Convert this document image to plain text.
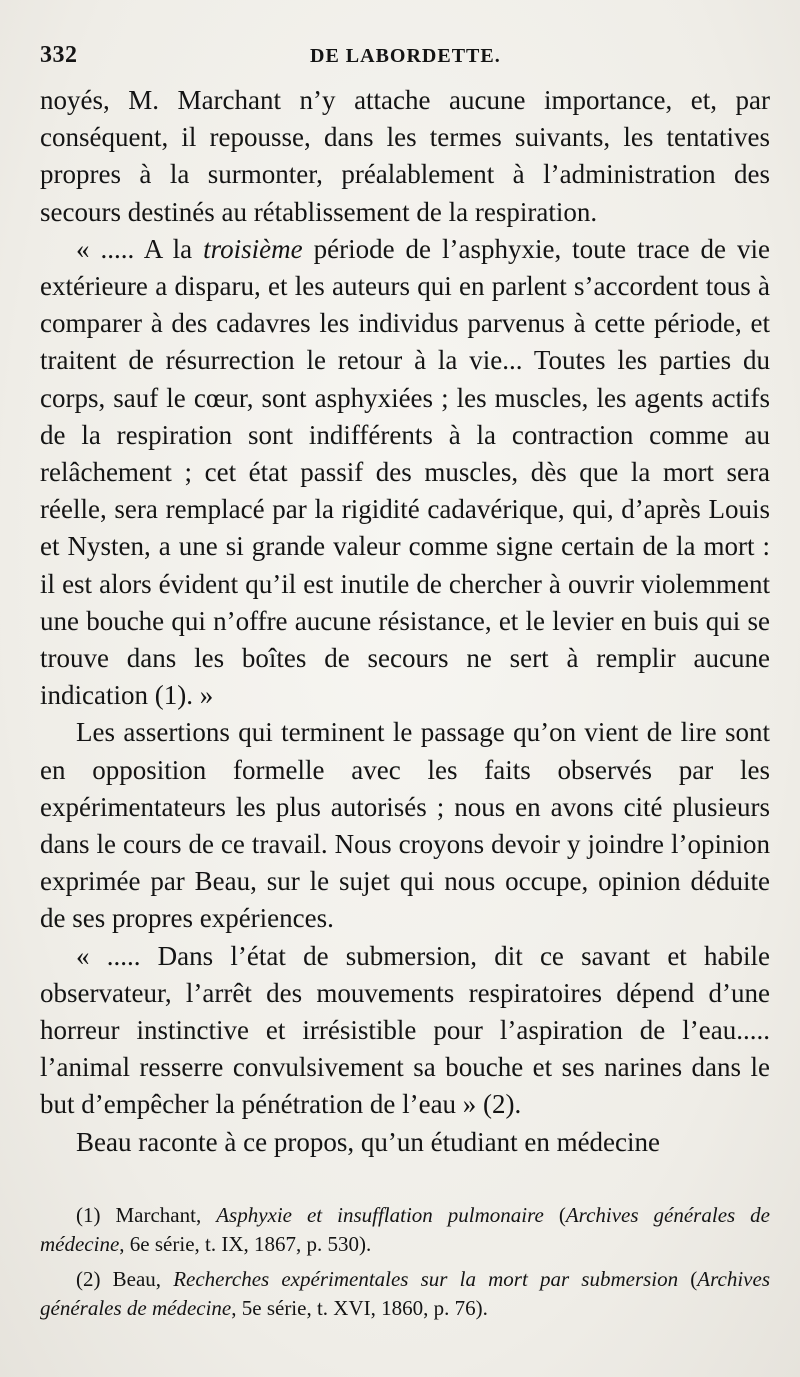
332	DE LABORDETTE.

noyés, M. Marchant n’y attache aucune importance, et, par conséquent, il repousse, dans les termes suivants, les tentatives propres à la surmonter, préalablement à l’administration des secours destinés au rétablissement de la respiration.

« ..... A la troisième période de l’asphyxie, toute trace de vie extérieure a disparu, et les auteurs qui en parlent s’accordent tous à comparer à des cadavres les individus parvenus à cette période, et traitent de résurrection le retour à la vie... Toutes les parties du corps, sauf le cœur, sont asphyxiées ; les muscles, les agents actifs de la respiration sont indifférents à la contraction comme au relâchement ; cet état passif des muscles, dès que la mort sera réelle, sera remplacé par la rigidité cadavérique, qui, d’après Louis et Nysten, a une si grande valeur comme signe certain de la mort : il est alors évident qu’il est inutile de chercher à ouvrir violemment une bouche qui n’offre aucune résistance, et le levier en buis qui se trouve dans les boîtes de secours ne sert à remplir aucune indication (1). »

Les assertions qui terminent le passage qu’on vient de lire sont en opposition formelle avec les faits observés par les expérimentateurs les plus autorisés ; nous en avons cité plusieurs dans le cours de ce travail. Nous croyons devoir y joindre l’opinion exprimée par Beau, sur le sujet qui nous occupe, opinion déduite de ses propres expériences.

« ..... Dans l’état de submersion, dit ce savant et habile observateur, l’arrêt des mouvements respiratoires dépend d’une horreur instinctive et irrésistible pour l’aspiration de l’eau..... l’animal resserre convulsivement sa bouche et ses narines dans le but d’empêcher la pénétration de l’eau » (2).

Beau raconte à ce propos, qu’un étudiant en médecine

(1) Marchant, Asphyxie et insufflation pulmonaire (Archives générales de médecine, 6e série, t. IX, 1867, p. 530).

(2) Beau, Recherches expérimentales sur la mort par submersion (Archives générales de médecine, 5e série, t. XVI, 1860, p. 76).
